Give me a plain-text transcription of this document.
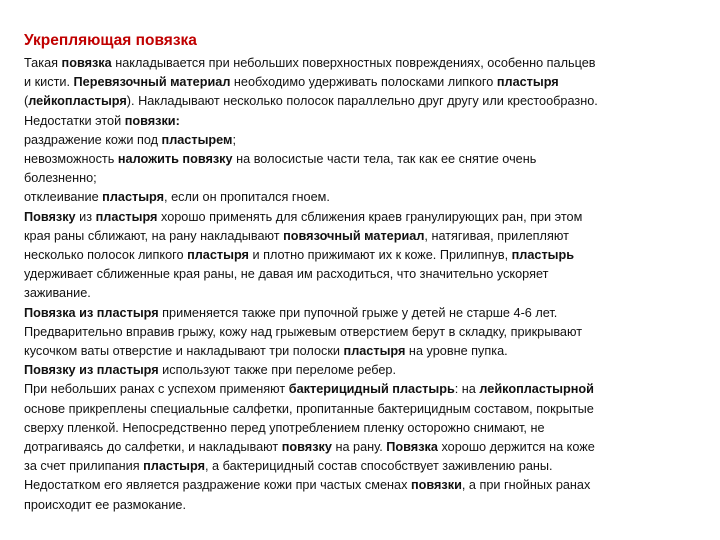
Укрепляющая повязка
Такая повязка накладывается при небольших поверхностных повреждениях, особенно пальцев
и кисти. Перевязочный материал необходимо удерживать полосками липкого пластыря
(лейкопластыря). Накладывают несколько полосок параллельно друг другу или крестообразно.
Недостатки этой повязки:
раздражение кожи под пластырем;
невозможность наложить повязку на волосистые части тела, так как ее снятие очень
болезненно;
отклеивание пластыря, если он пропитался гноем.
Повязку из пластыря хорошо применять для сближения краев гранулирующих ран, при этом
края раны сближают, на рану накладывают повязочный материал, натягивая, прилепляют
несколько полосок липкого пластыря и плотно прижимают их к коже. Прилипнув, пластырь
удерживает сближенные края раны, не давая им расходиться, что значительно ускоряет
заживание.
Повязка из пластыря применяется также при пупочной грыже у детей не старше 4-6 лет.
Предварительно вправив грыжу, кожу над грыжевым отверстием берут в складку, прикрывают
кусочком ваты отверстие и накладывают три полоски пластыря на уровне пупка.
Повязку из пластыря используют также при переломе ребер.
При небольших ранах с успехом применяют бактерицидный пластырь: на лейкопластырной
основе прикреплены специальные салфетки, пропитанные бактерицидным составом, покрытые
сверху пленкой. Непосредственно перед употреблением пленку осторожно снимают, не
дотрагиваясь до салфетки, и накладывают повязку на рану. Повязка хорошо держится на коже
за счет прилипания пластыря, а бактерицидный состав способствует заживлению раны.
Недостатком его является раздражение кожи при частых сменах повязки, а при гнойных ранах
происходит ее размокание.
